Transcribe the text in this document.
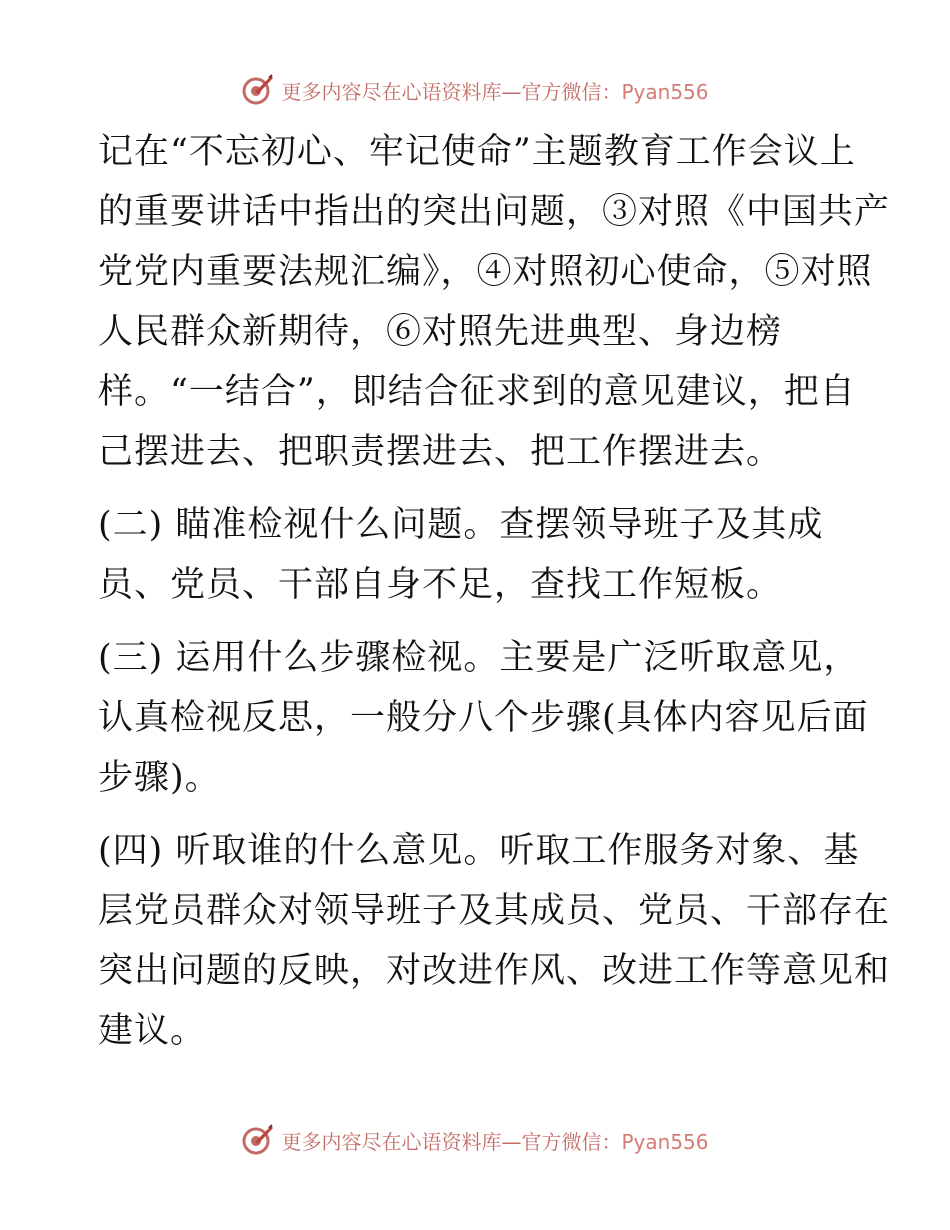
更多内容尽在心语资料库—官方微信：Pyan556
记在“不忘初心、牢记使命”主题教育工作会议上
的重要讲话中指出的突出问题，③对照《中国共产
党党内重要法规汇编》，④对照初心使命，⑤对照
人民群众新期待，⑥对照先进典型、身边榜
样。“一结合”，即结合征求到的意见建议，把自
己摆进去、把职责摆进去、把工作摆进去。
(二) 瞄准检视什么问题。查摆领导班子及其成
员、党员、干部自身不足，查找工作短板。
(三) 运用什么步骤检视。主要是广泛听取意见，
认真检视反思，一般分八个步骤(具体内容见后面
步骤)。
(四) 听取谁的什么意见。听取工作服务对象、基
层党员群众对领导班子及其成员、党员、干部存在
突出问题的反映，对改进作风、改进工作等意见和
建议。
更多内容尽在心语资料库—官方微信：Pyan556
